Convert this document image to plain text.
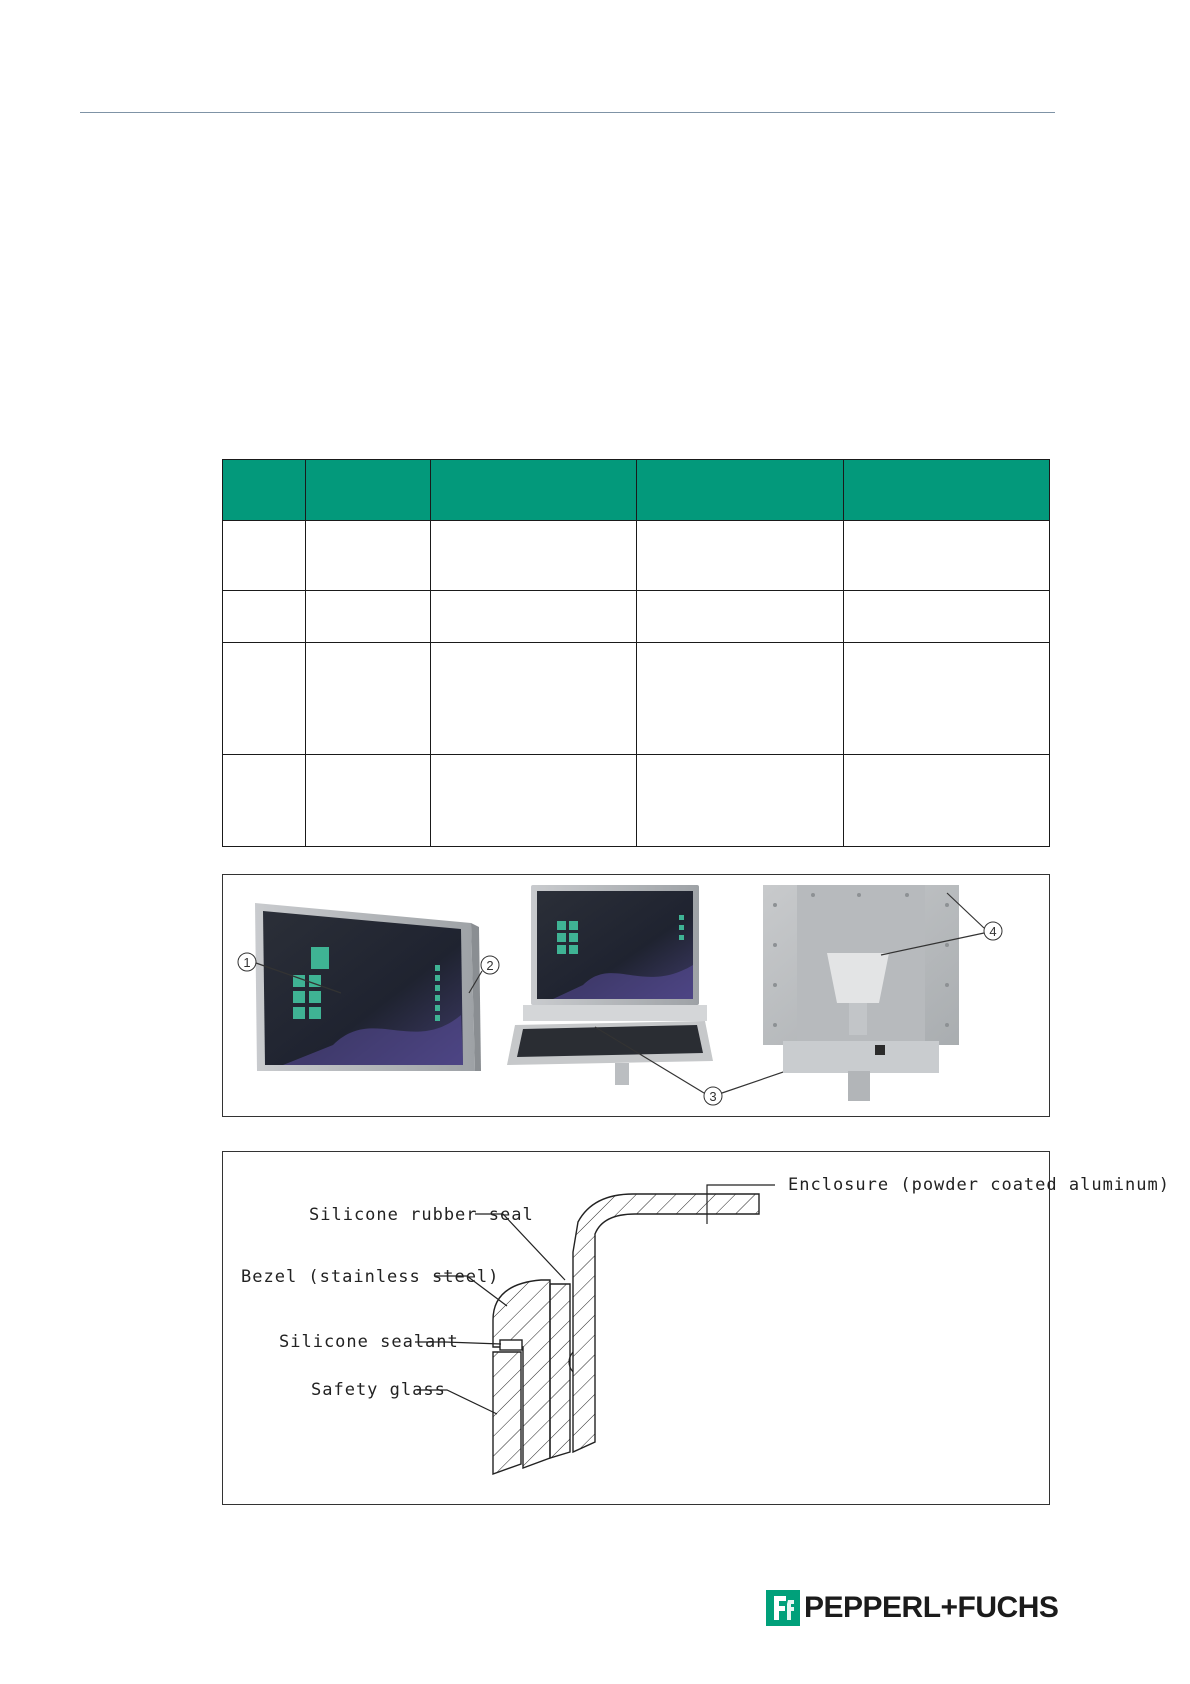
1	2
3
4
Enclosure (powder coated aluminum)
Silicone rubber seal
Bezel (stainless steel)
Silicone sealant
Safety glass
PEPPERL+FUCHS
